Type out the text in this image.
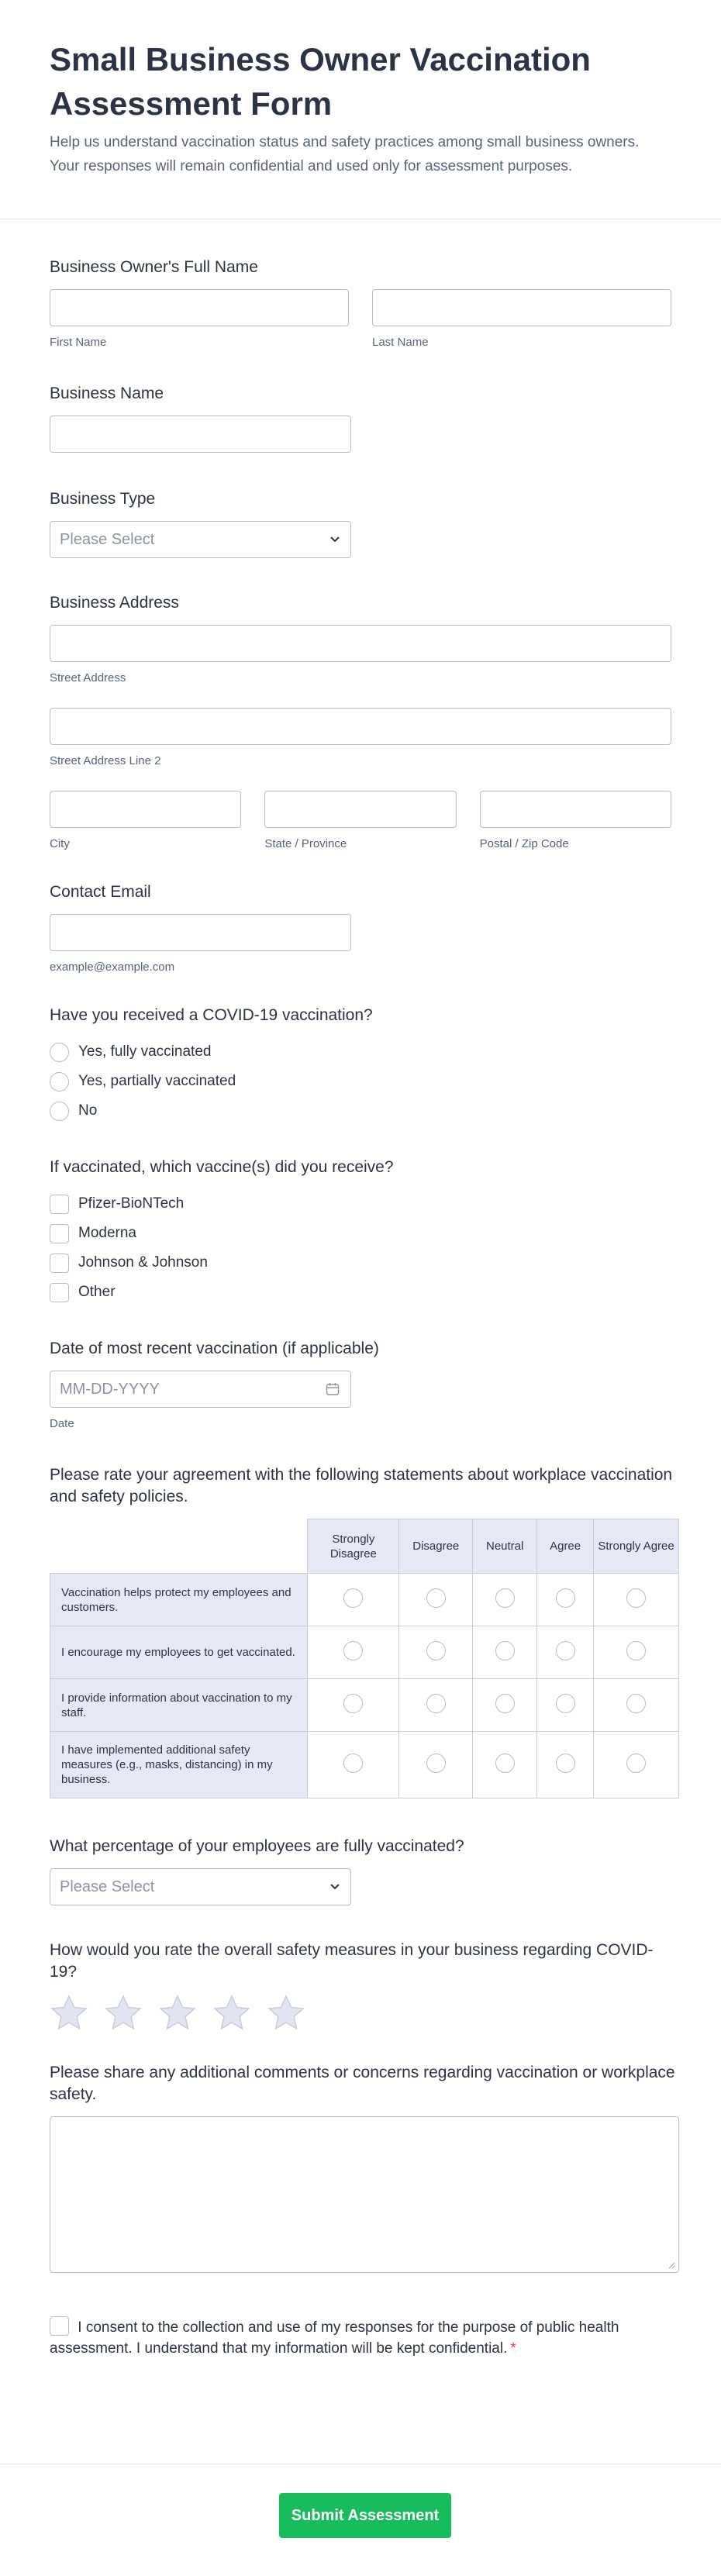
Small Business Owner Vaccination Assessment Form

Help us understand vaccination status and safety practices among small business owners. Your responses will remain confidential and used only for assessment purposes.

Business Owner's Full Name
First Name	Last Name
Business Name
Business Type
Please Select
Business Address
Street Address
Street Address Line 2
City	State / Province	Postal / Zip Code
Contact Email
example@example.com
Have you received a COVID-19 vaccination?
Yes, fully vaccinated
Yes, partially vaccinated
No
If vaccinated, which vaccine(s) did you receive?
Pfizer-BioNTech
Moderna
Johnson & Johnson
Other
Date of most recent vaccination (if applicable)
MM-DD-YYYY
Date
Please rate your agreement with the following statements about workplace vaccination and safety policies.
	Strongly Disagree	Disagree	Neutral	Agree	Strongly Agree
Vaccination helps protect my employees and customers.					
I encourage my employees to get vaccinated.					
I provide information about vaccination to my staff.					
I have implemented additional safety measures (e.g., masks, distancing) in my business.					
What percentage of your employees are fully vaccinated?
Please Select
How would you rate the overall safety measures in your business regarding COVID-19?
Please share any additional comments or concerns regarding vaccination or workplace safety.
I consent to the collection and use of my responses for the purpose of public health assessment. I understand that my information will be kept confidential. *
Submit Assessment
